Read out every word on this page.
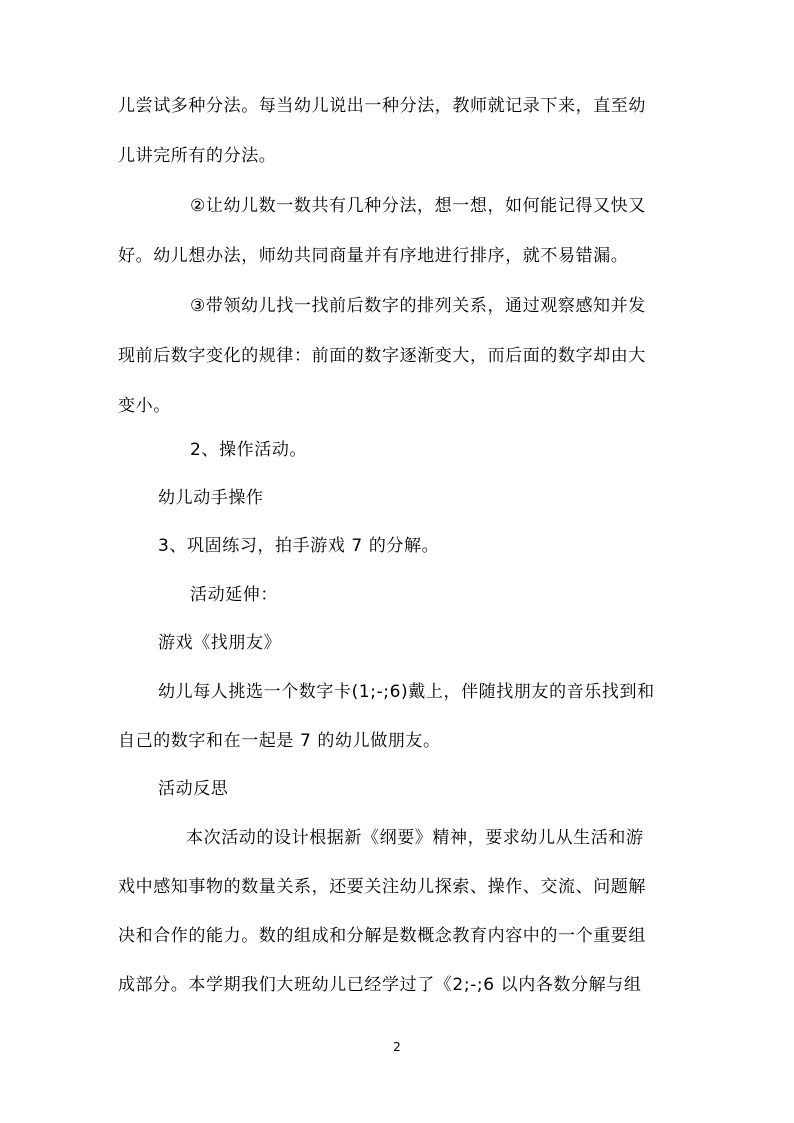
儿尝试多种分法。每当幼儿说出一种分法，教师就记录下来，直至幼
儿讲完所有的分法。
②让幼儿数一数共有几种分法，想一想，如何能记得又快又
好。幼儿想办法，师幼共同商量并有序地进行排序，就不易错漏。
③带领幼儿找一找前后数字的排列关系，通过观察感知并发
现前后数字变化的规律：前面的数字逐渐变大，而后面的数字却由大
变小。
2、操作活动。
幼儿动手操作
3、巩固练习，拍手游戏 7 的分解。
活动延伸：
游戏《找朋友》
幼儿每人挑选一个数字卡(1;-;6)戴上，伴随找朋友的音乐找到和
自己的数字和在一起是 7 的幼儿做朋友。
活动反思
本次活动的设计根据新《纲要》精神，要求幼儿从生活和游
戏中感知事物的数量关系，还要关注幼儿探索、操作、交流、问题解
决和合作的能力。数的组成和分解是数概念教育内容中的一个重要组
成部分。本学期我们大班幼儿已经学过了《2;-;6 以内各数分解与组
2
